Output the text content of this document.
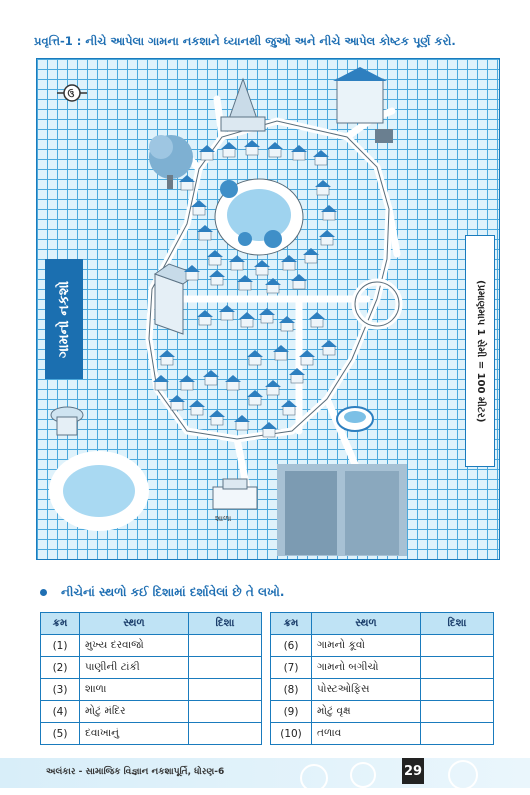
પ્રવૃત્તિ-1 : નીચે આપેલા ગામના નકશાને ધ્યાનથી જુઓ અને નીચે આપેલ કોષ્ટક પૂર્ણ કરો.
શાળા
ઉ
ગામનો નકશો	(પ્રમાણમાપ 1 સેમી = 100 મીટર)
નીચેનાં સ્થળો કઈ દિશામાં દર્શાવેલાં છે તે લખો.
ક્રમ	સ્થળ	દિશા
(1)	મુખ્ય દરવાજો	
(2)	પાણીની ટાંકી	
(3)	શાળા	
(4)	મોટું મંદિર	
(5)	દવાખાનું	
ક્રમ	સ્થળ	દિશા
(6)	ગામનો કૂવો	
(7)	ગામનો બગીચો	
(8)	પોસ્ટઓફિસ	
(9)	મોટું વૃક્ષ	
(10)	તળાવ	
અલંકાર - સામાજિક વિજ્ઞાન નકશાપૂર્તિ, ધોરણ-6	29
